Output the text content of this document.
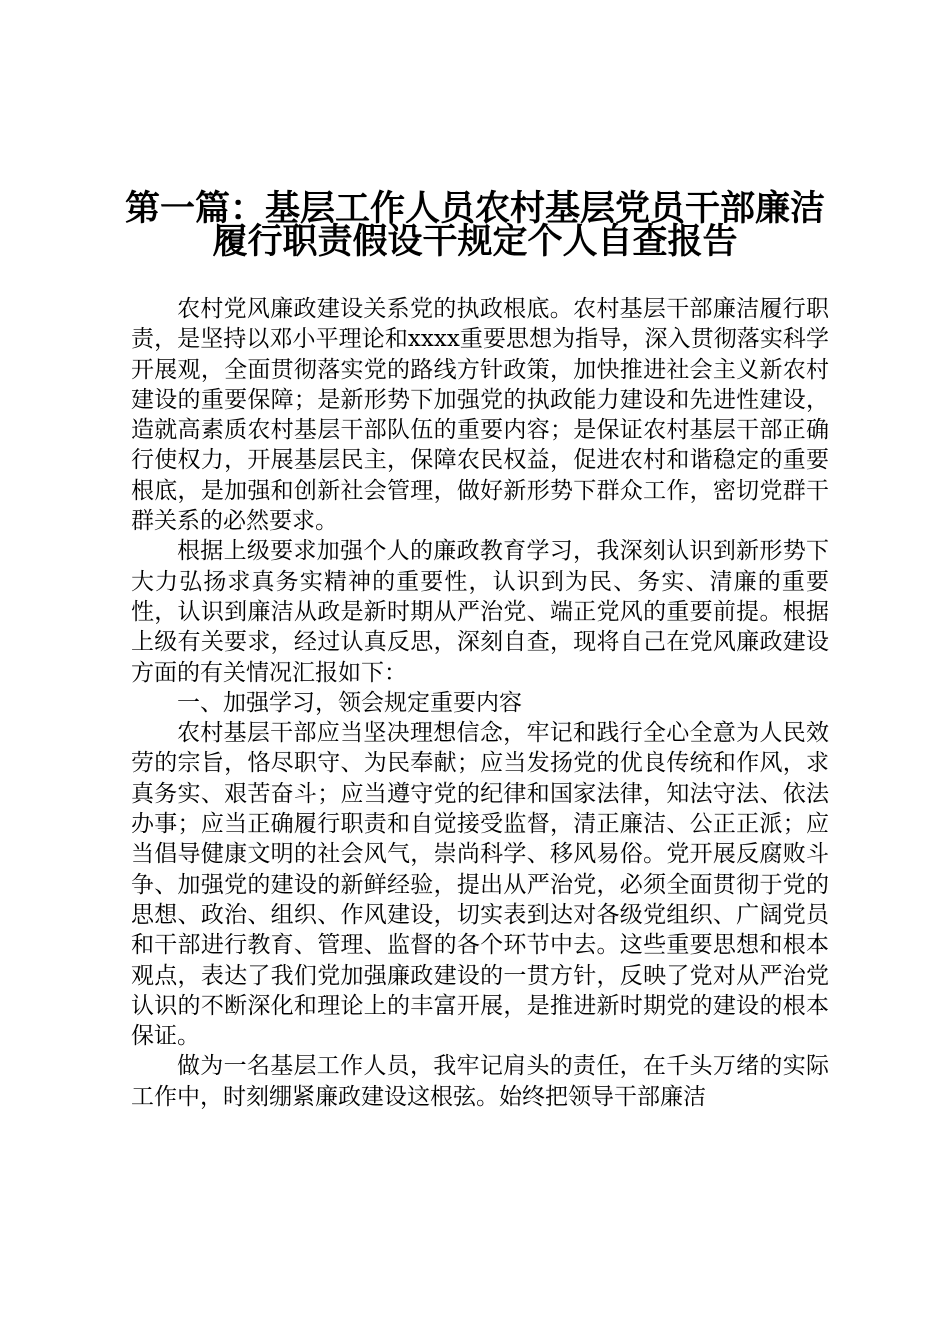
第一篇：基层工作人员农村基层党员干部廉洁
履行职责假设干规定个人自查报告

农村党风廉政建设关系党的执政根底。农村基层干部廉洁履行职责，是坚持以邓小平理论和xxxx重要思想为指导，深入贯彻落实科学开展观，全面贯彻落实党的路线方针政策，加快推进社会主义新农村建设的重要保障；是新形势下加强党的执政能力建设和先进性建设，造就高素质农村基层干部队伍的重要内容；是保证农村基层干部正确行使权力，开展基层民主，保障农民权益，促进农村和谐稳定的重要根底，是加强和创新社会管理，做好新形势下群众工作，密切党群干群关系的必然要求。

根据上级要求加强个人的廉政教育学习，我深刻认识到新形势下大力弘扬求真务实精神的重要性，认识到为民、务实、清廉的重要性，认识到廉洁从政是新时期从严治党、端正党风的重要前提。根据上级有关要求，经过认真反思，深刻自查，现将自己在党风廉政建设方面的有关情况汇报如下：

一、加强学习，领会规定重要内容

农村基层干部应当坚决理想信念，牢记和践行全心全意为人民效劳的宗旨，恪尽职守、为民奉献；应当发扬党的优良传统和作风，求真务实、艰苦奋斗；应当遵守党的纪律和国家法律，知法守法、依法办事；应当正确履行职责和自觉接受监督，清正廉洁、公正正派；应当倡导健康文明的社会风气，崇尚科学、移风易俗。党开展反腐败斗争、加强党的建设的新鲜经验，提出从严治党，必须全面贯彻于党的思想、政治、组织、作风建设，切实表到达对各级党组织、广阔党员和干部进行教育、管理、监督的各个环节中去。这些重要思想和根本观点，表达了我们党加强廉政建设的一贯方针，反映了党对从严治党认识的不断深化和理论上的丰富开展，是推进新时期党的建设的根本保证。

做为一名基层工作人员，我牢记肩头的责任，在千头万绪的实际工作中，时刻绷紧廉政建设这根弦。始终把领导干部廉洁
